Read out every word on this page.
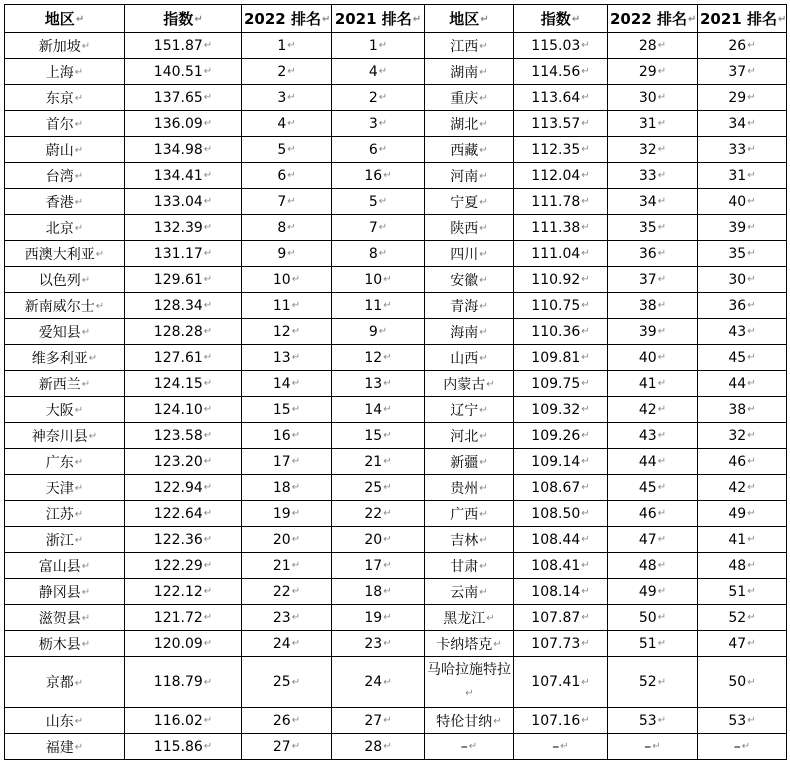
地区 ↵	指数 ↵	2022 排名 ↵	2021 排名 ↵	地区 ↵	指数 ↵	2022 排名 ↵	2021 排名 ↵
新加坡 ↵	151.87 ↵	1 ↵	1 ↵	江西 ↵	115.03 ↵	28 ↵	26 ↵
上海 ↵	140.51 ↵	2 ↵	4 ↵	湖南 ↵	114.56 ↵	29 ↵	37 ↵
东京 ↵	137.65 ↵	3 ↵	2 ↵	重庆 ↵	113.64 ↵	30 ↵	29 ↵
首尔 ↵	136.09 ↵	4 ↵	3 ↵	湖北 ↵	113.57 ↵	31 ↵	34 ↵
蔚山 ↵	134.98 ↵	5 ↵	6 ↵	西藏 ↵	112.35 ↵	32 ↵	33 ↵
台湾 ↵	134.41 ↵	6 ↵	16 ↵	河南 ↵	112.04 ↵	33 ↵	31 ↵
香港 ↵	133.04 ↵	7 ↵	5 ↵	宁夏 ↵	111.78 ↵	34 ↵	40 ↵
北京 ↵	132.39 ↵	8 ↵	7 ↵	陕西 ↵	111.38 ↵	35 ↵	39 ↵
西澳大利亚 ↵	131.17 ↵	9 ↵	8 ↵	四川 ↵	111.04 ↵	36 ↵	35 ↵
以色列 ↵	129.61 ↵	10 ↵	10 ↵	安徽 ↵	110.92 ↵	37 ↵	30 ↵
新南威尔士 ↵	128.34 ↵	11 ↵	11 ↵	青海 ↵	110.75 ↵	38 ↵	36 ↵
爱知县 ↵	128.28 ↵	12 ↵	9 ↵	海南 ↵	110.36 ↵	39 ↵	43 ↵
维多利亚 ↵	127.61 ↵	13 ↵	12 ↵	山西 ↵	109.81 ↵	40 ↵	45 ↵
新西兰 ↵	124.15 ↵	14 ↵	13 ↵	内蒙古 ↵	109.75 ↵	41 ↵	44 ↵
大阪 ↵	124.10 ↵	15 ↵	14 ↵	辽宁 ↵	109.32 ↵	42 ↵	38 ↵
神奈川县 ↵	123.58 ↵	16 ↵	15 ↵	河北 ↵	109.26 ↵	43 ↵	32 ↵
广东 ↵	123.20 ↵	17 ↵	21 ↵	新疆 ↵	109.14 ↵	44 ↵	46 ↵
天津 ↵	122.94 ↵	18 ↵	25 ↵	贵州 ↵	108.67 ↵	45 ↵	42 ↵
江苏 ↵	122.64 ↵	19 ↵	22 ↵	广西 ↵	108.50 ↵	46 ↵	49 ↵
浙江 ↵	122.36 ↵	20 ↵	20 ↵	吉林 ↵	108.44 ↵	47 ↵	41 ↵
富山县 ↵	122.29 ↵	21 ↵	17 ↵	甘肃 ↵	108.41 ↵	48 ↵	48 ↵
静冈县 ↵	122.12 ↵	22 ↵	18 ↵	云南 ↵	108.14 ↵	49 ↵	51 ↵
滋贺县 ↵	121.72 ↵	23 ↵	19 ↵	黑龙江 ↵	107.87 ↵	50 ↵	52 ↵
枥木县 ↵	120.09 ↵	24 ↵	23 ↵	卡纳塔克 ↵	107.73 ↵	51 ↵	47 ↵
京都 ↵	118.79 ↵	25 ↵	24 ↵	马哈拉施特拉 ↵	107.41 ↵	52 ↵	50 ↵
山东 ↵	116.02 ↵	26 ↵	27 ↵	特伦甘纳 ↵	107.16 ↵	53 ↵	53 ↵
福建 ↵	115.86 ↵	27 ↵	28 ↵	– ↵	– ↵	– ↵	– ↵
